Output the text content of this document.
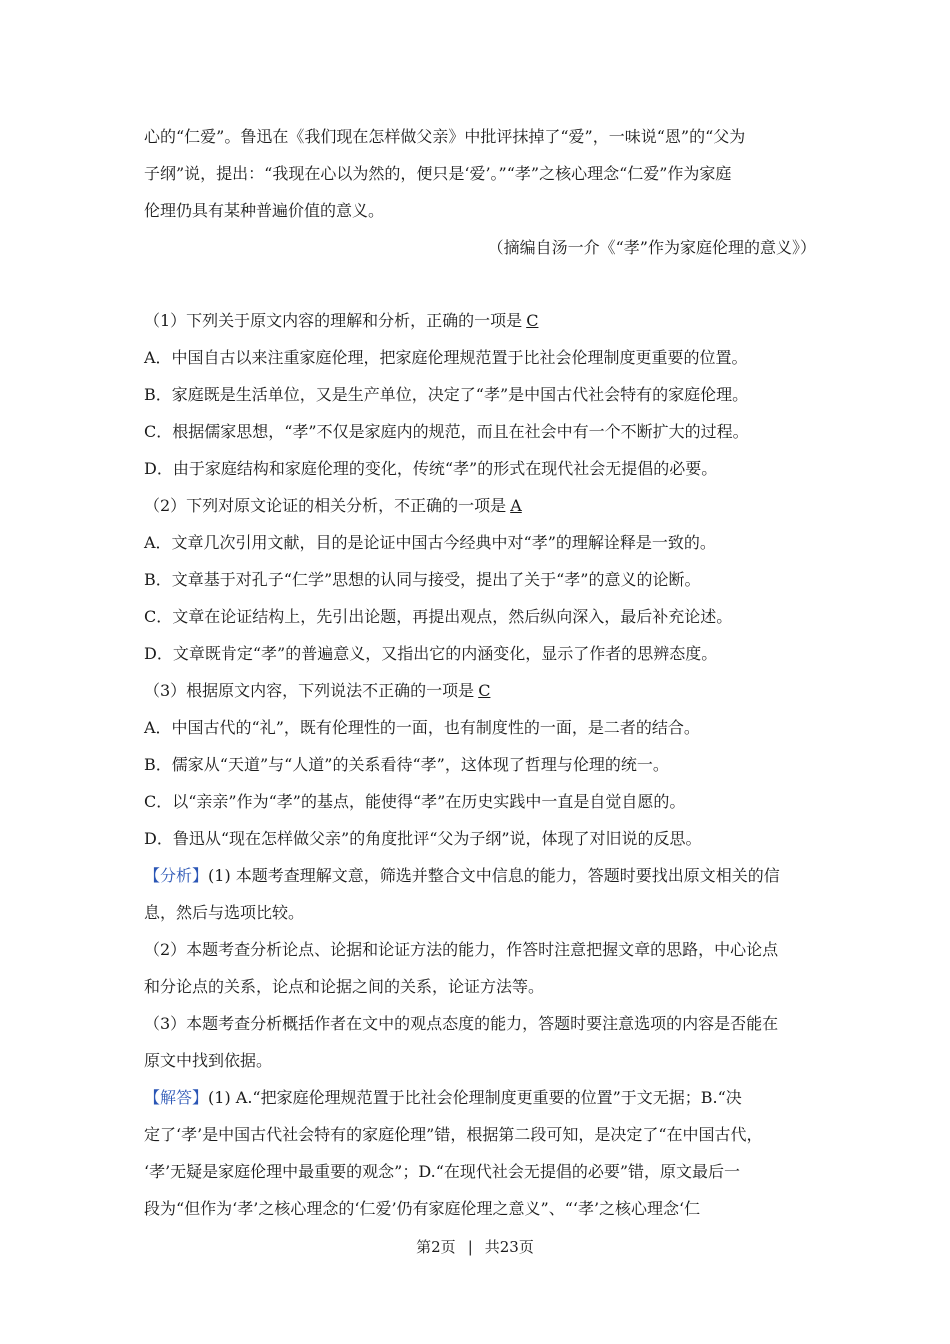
心的“仁爱”。鲁迅在《我们现在怎样做父亲》中批评抹掉了“爱”，一味说“恩”的“父为

子纲”说，提出：“我现在心以为然的，便只是‘爱’。”“孝”之核心理念“仁爱”作为家庭

伦理仍具有某种普遍价值的意义。

（摘编自汤一介《“孝”作为家庭伦理的意义》）

（1）下列关于原文内容的理解和分析，正确的一项是 C

A．中国自古以来注重家庭伦理，把家庭伦理规范置于比社会伦理制度更重要的位置。

B．家庭既是生活单位，又是生产单位，决定了“孝”是中国古代社会特有的家庭伦理。

C．根据儒家思想，“孝”不仅是家庭内的规范，而且在社会中有一个不断扩大的过程。

D．由于家庭结构和家庭伦理的变化，传统“孝”的形式在现代社会无提倡的必要。

（2）下列对原文论证的相关分析，不正确的一项是 A

A．文章几次引用文献，目的是论证中国古今经典中对“孝”的理解诠释是一致的。

B．文章基于对孔子“仁学”思想的认同与接受，提出了关于“孝”的意义的论断。

C．文章在论证结构上，先引出论题，再提出观点，然后纵向深入，最后补充论述。

D．文章既肯定“孝”的普遍意义，又指出它的内涵变化，显示了作者的思辨态度。

（3）根据原文内容，下列说法不正确的一项是 C

A．中国古代的“礼”，既有伦理性的一面，也有制度性的一面，是二者的结合。

B．儒家从“天道”与“人道”的关系看待“孝”，这体现了哲理与伦理的统一。

C．以“亲亲”作为“孝”的基点，能使得“孝”在历史实践中一直是自觉自愿的。

D．鲁迅从“现在怎样做父亲”的角度批评“父为子纲”说，体现了对旧说的反思。

【分析】(1) 本题考查理解文意，筛选并整合文中信息的能力，答题时要找出原文相关的信

息，然后与选项比较。

（2）本题考查分析论点、论据和论证方法的能力，作答时注意把握文章的思路，中心论点

和分论点的关系，论点和论据之间的关系，论证方法等。

（3）本题考查分析概括作者在文中的观点态度的能力，答题时要注意选项的内容是否能在

原文中找到依据。

【解答】(1) A.“把家庭伦理规范置于比社会伦理制度更重要的位置”于文无据；B.“决

定了‘孝’是中国古代社会特有的家庭伦理”错，根据第二段可知，是决定了“在中国古代，

‘孝’无疑是家庭伦理中最重要的观念”；D.“在现代社会无提倡的必要”错，原文最后一

段为“但作为‘孝’之核心理念的‘仁爱’仍有家庭伦理之意义”、“‘孝’之核心理念‘仁

第2页 | 共23页
